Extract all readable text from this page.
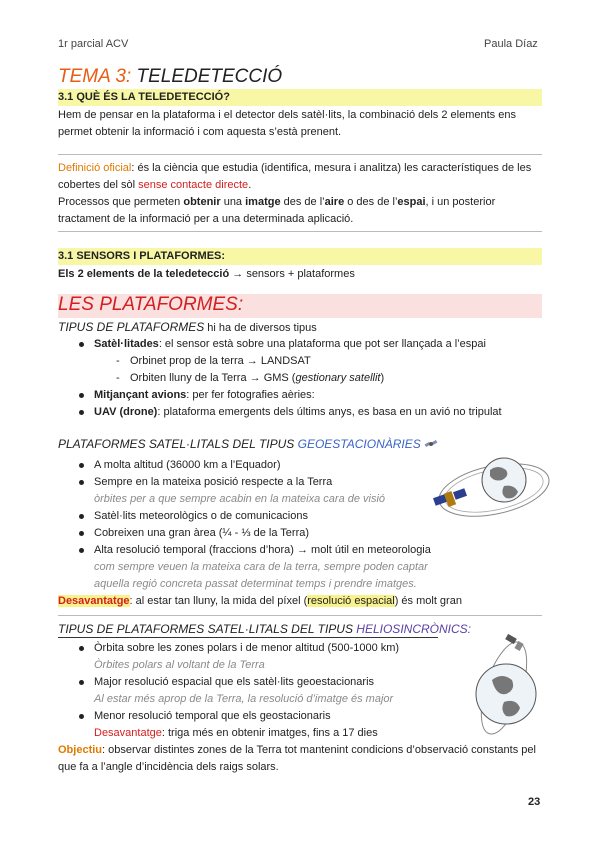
1r parcial ACV	Paula Díaz
TEMA 3: TELEDETECCIÓ
3.1 QUÈ ÉS LA TELEDETECCIÓ?
Hem de pensar en la plataforma i el detector dels satèl·lits, la combinació dels 2 elements ens
permet obtenir la informació i com aquesta s’està prenent.
Definició oficial: és la ciència que estudia (identifica, mesura i analitza) les característiques de les
cobertes del sòl sense contacte directe.
Processos que permeten obtenir una imatge des de l’aire o des de l’espai, i un posterior
tractament de la informació per a una determinada aplicació.
3.1 SENSORS I PLATAFORMES:
Els 2 elements de la teledetecció → sensors + plataformes
LES PLATAFORMES:
TIPUS DE PLATAFORMES hi ha de diversos tipus
Satèl·litades: el sensor està sobre una plataforma que pot ser llançada a l’espai
- Orbinet prop de la terra → LANDSAT
- Orbiten lluny de la Terra → GMS (gestionary satellit)
Mitjançant avions: per fer fotografies aèries:
UAV (drone): plataforma emergents dels últims anys, es basa en un avió no tripulat
PLATAFORMES SATEL·LITALS DEL TIPUS GEOESTACIONÀRIES
A molta altitud (36000 km a l’Equador)
Sempre en la mateixa posició respecte a la Terra
òrbites per a que sempre acabin en la mateixa cara de visió
Satèl·lits meteorològics o de comunicacions
Cobreixen una gran àrea (¼ - ⅓ de la Terra)
Alta resolució temporal (fraccions d’hora) → molt útil en meteorologia
com sempre veuen la mateixa cara de la terra, sempre poden captar
aquella regió concreta passat determinat temps i prendre imatges.
Desavantatge: al estar tan lluny, la mida del píxel (resolució espacial) és molt gran
TIPUS DE PLATAFORMES SATEL·LITALS DEL TIPUS HELIOSINCRÒNICS:
Òrbita sobre les zones polars i de menor altitud (500-1000 km)
Òrbites polars al voltant de la Terra
Major resolució espacial que els satèl·lits geoestacionaris
Al estar més aprop de la Terra, la resolució d’imatge és major
Menor resolució temporal que els geostacionaris
Desavantatge: triga més en obtenir imatges, fins a 17 dies
Objectiu: observar distintes zones de la Terra tot mantenint condicions d’observació constants pel
que fa a l’angle d’incidència dels raigs solars.
23
